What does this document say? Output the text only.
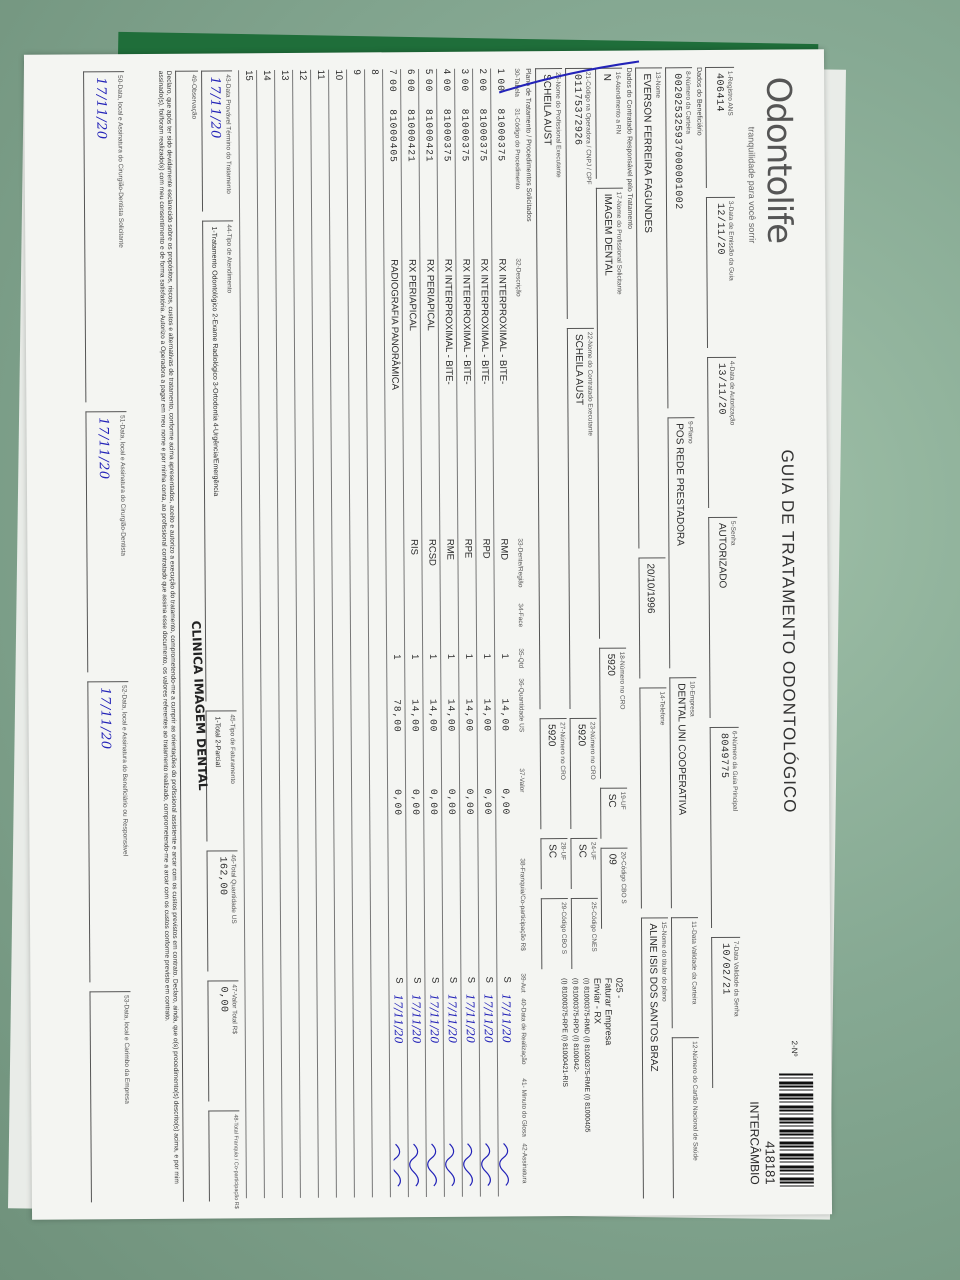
Odontolife
tranquilidade para você sorrir
GUIA DE TRATAMENTO ODONTOLÓGICO
2-Nº
418181
INTERCÂMBIO
1-Registro ANS
406414
3-Data de Emissão da Guia
12/11/20
4-Data de Autorização
13/11/20
5-Senha
AUTORIZADO
6-Número da Guia Principal
8049775
7-Data Validade da Senha
10/02/21
Dados do Beneficiário
8-Número da Carteira
002025325937000001002
9-Plano
POS REDE PRESTADORA
10-Empresa
DENTAL UNI COOPERATIVA
11-Data Validade da Carteira
12-Número do Cartão Nacional de Saúde
13-Nome
EVERSON FERREIRA FAGUNDES
20/10/1996
14-Telefone
15-Nome do titular do plano
ALINE ISIS DOS SANTOS BRAZ
Dados do Contratado Responsável pelo Tratamento
16-Atendimento a RN
N
17-Nome do Profissional Solicitante
IMAGEM DENTAL
18-Número no CRO
5920
19-UF
SC
20-Código CBO S
09
21-Código na Operadora / CNPJ / CPF
01175372926
22-Nome do Contratado Executante
SCHEILA AUST
23-Número no CRO
5920
24-UF
SC
25-Código CNES
26-Nome do Profissional Executante
SCHEILA AUST
27-Número no CRO
5920
28-UF
SC
29-Código CBO S
025 -
Faturar Empresa
Enviar - RX
(I) 81000375-RMD (I) 81000375-RME (I) 81000405
(I) 81000375-RPD (I) 8100042-
(I) 81000375-RPE (I) 81000421-RIS
Plano de Tratamento / Procedimentos Solicitados
30-Tabela
31-Código do Procedimento
32-Descrição
33-Dente/Região
34-Face
35-Qtd
36-Quantidade US
37-Valor
38-Franquia/Co-participação R$
39-Aut
40-Data de Realização
41- Minuto do Glosa
42-Assinatura
1
00
81000375
RX INTERPROXIMAL - BITE-
RMD
1
14,00
0,00
S
17/11/20
2
00
81000375
RX INTERPROXIMAL - BITE-
RPD
1
14,00
0,00
S
17/11/20
3
00
81000375
RX INTERPROXIMAL - BITE-
RPE
1
14,00
0,00
S
17/11/20
4
00
81000375
RX INTERPROXIMAL - BITE-
RME
1
14,00
0,00
S
17/11/20
5
00
81000421
RX PERIAPICAL
RCSD
1
14,00
0,00
S
17/11/20
6
00
81000421
RX PERIAPICAL
RIS
1
14,00
0,00
S
17/11/20
7
00
81000405
RADIOGRAFIA PANORÂMICA
1
78,00
0,00
S
17/11/20
8
9
10
11
12
13
14
15
43-Data Provável Término do Tratamento
17/11/20
44-Tipo de Atendimento
1-Tratamento Odontológico 2-Exame Radiológico 3-Ortodontia 4-Urgência/Emergência
45-Tipo de Faturamento
1-Total 2-Parcial
46-Total Quantidade US
162,00
47-Valor Total R$
0,00
48-Total Franquia / Co-participação R$
49-Observação
Declaro, que após ter sido devidamente esclarecido sobre os propósitos, riscos, custos e alternativas de tratamento, conforme acima apresentados, aceito e autorizo a execução do tratamento, comprometendo-me a cumprir as orientações do profissional assistente e arcar com os custos previstos em contrato. Declaro, ainda, que o(s) procedimento(s) descrito(s) acima, e por mim assinado(s), foi/foram realizado(s) com meu consentimento e de forma satisfatória. Autorizo a Operadora a pagar em meu nome e por minha conta, ao profissional contratado que assina esse documento, os valores referentes ao tratamento realizado, comprometendo-me a arcar com os custos conforme previsto em contrato.	CLINICA IMAGEM DENTAL
50-Data, local e Assinatura do Cirurgião-Dentista Solicitante
17/11/20
51-Data, local e Assinatura do Cirurgião-Dentista
17/11/20
52-Data, local e Assinatura do Beneficiário ou Responsável
17/11/20
53-Data, local e Carimbo da Empresa
